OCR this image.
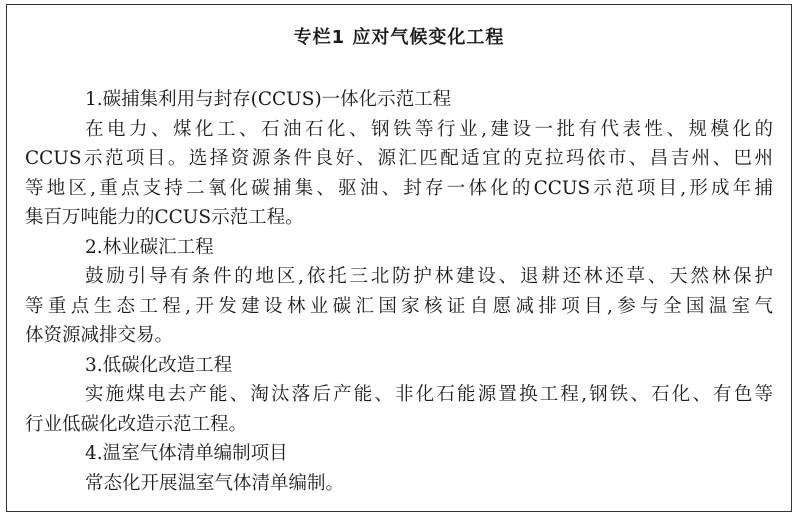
专栏1 应对气候变化工程
1.碳捕集利用与封存(CCUS)一体化示范工程
在电力、煤化工、石油石化、钢铁等行业,建设一批有代表性、规模化的
CCUS示范项目。选择资源条件良好、源汇匹配适宜的克拉玛依市、昌吉州、巴州
等地区,重点支持二氧化碳捕集、驱油、封存一体化的CCUS示范项目,形成年捕
集百万吨能力的CCUS示范工程。
2.林业碳汇工程
鼓励引导有条件的地区,依托三北防护林建设、退耕还林还草、天然林保护
等重点生态工程,开发建设林业碳汇国家核证自愿减排项目,参与全国温室气
体资源减排交易。
3.低碳化改造工程
实施煤电去产能、淘汰落后产能、非化石能源置换工程,钢铁、石化、有色等
行业低碳化改造示范工程。
4.温室气体清单编制项目
常态化开展温室气体清单编制。
